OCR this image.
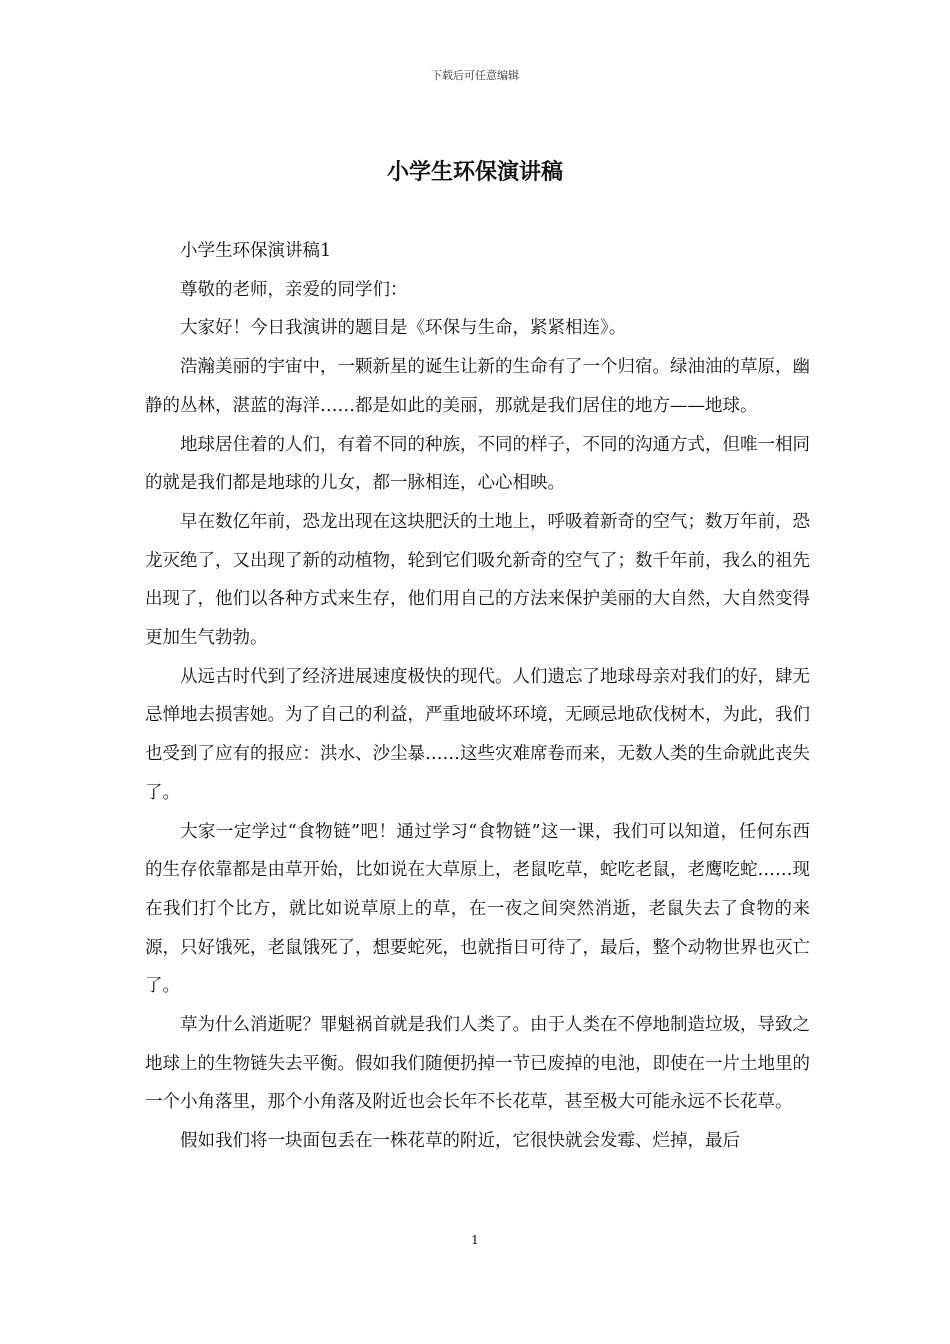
下载后可任意编辑
小学生环保演讲稿

小学生环保演讲稿1

尊敬的老师，亲爱的同学们：

大家好！今日我演讲的题目是《环保与生命，紧紧相连》。

浩瀚美丽的宇宙中，一颗新星的诞生让新的生命有了一个归宿。绿油油的草原，幽静的丛林，湛蓝的海洋……都是如此的美丽，那就是我们居住的地方——地球。

地球居住着的人们，有着不同的种族，不同的样子，不同的沟通方式，但唯一相同的就是我们都是地球的儿女，都一脉相连，心心相映。

早在数亿年前，恐龙出现在这块肥沃的土地上，呼吸着新奇的空气；数万年前，恐龙灭绝了，又出现了新的动植物，轮到它们吸允新奇的空气了；数千年前，我么的祖先出现了，他们以各种方式来生存，他们用自己的方法来保护美丽的大自然，大自然变得更加生气勃勃。

从远古时代到了经济进展速度极快的现代。人们遗忘了地球母亲对我们的好，肆无忌惮地去损害她。为了自己的利益，严重地破坏环境，无顾忌地砍伐树木，为此，我们也受到了应有的报应：洪水、沙尘暴……这些灾难席卷而来，无数人类的生命就此丧失了。

大家一定学过“食物链”吧！通过学习“食物链”这一课，我们可以知道，任何东西的生存依靠都是由草开始，比如说在大草原上，老鼠吃草，蛇吃老鼠，老鹰吃蛇……现在我们打个比方，就比如说草原上的草，在一夜之间突然消逝，老鼠失去了食物的来源，只好饿死，老鼠饿死了，想要蛇死，也就指日可待了，最后，整个动物世界也灭亡了。

草为什么消逝呢？罪魁祸首就是我们人类了。由于人类在不停地制造垃圾，导致之地球上的生物链失去平衡。假如我们随便扔掉一节已废掉的电池，即使在一片土地里的一个小角落里，那个小角落及附近也会长年不长花草，甚至极大可能永远不长花草。

假如我们将一块面包丢在一株花草的附近，它很快就会发霉、烂掉，最后

1
